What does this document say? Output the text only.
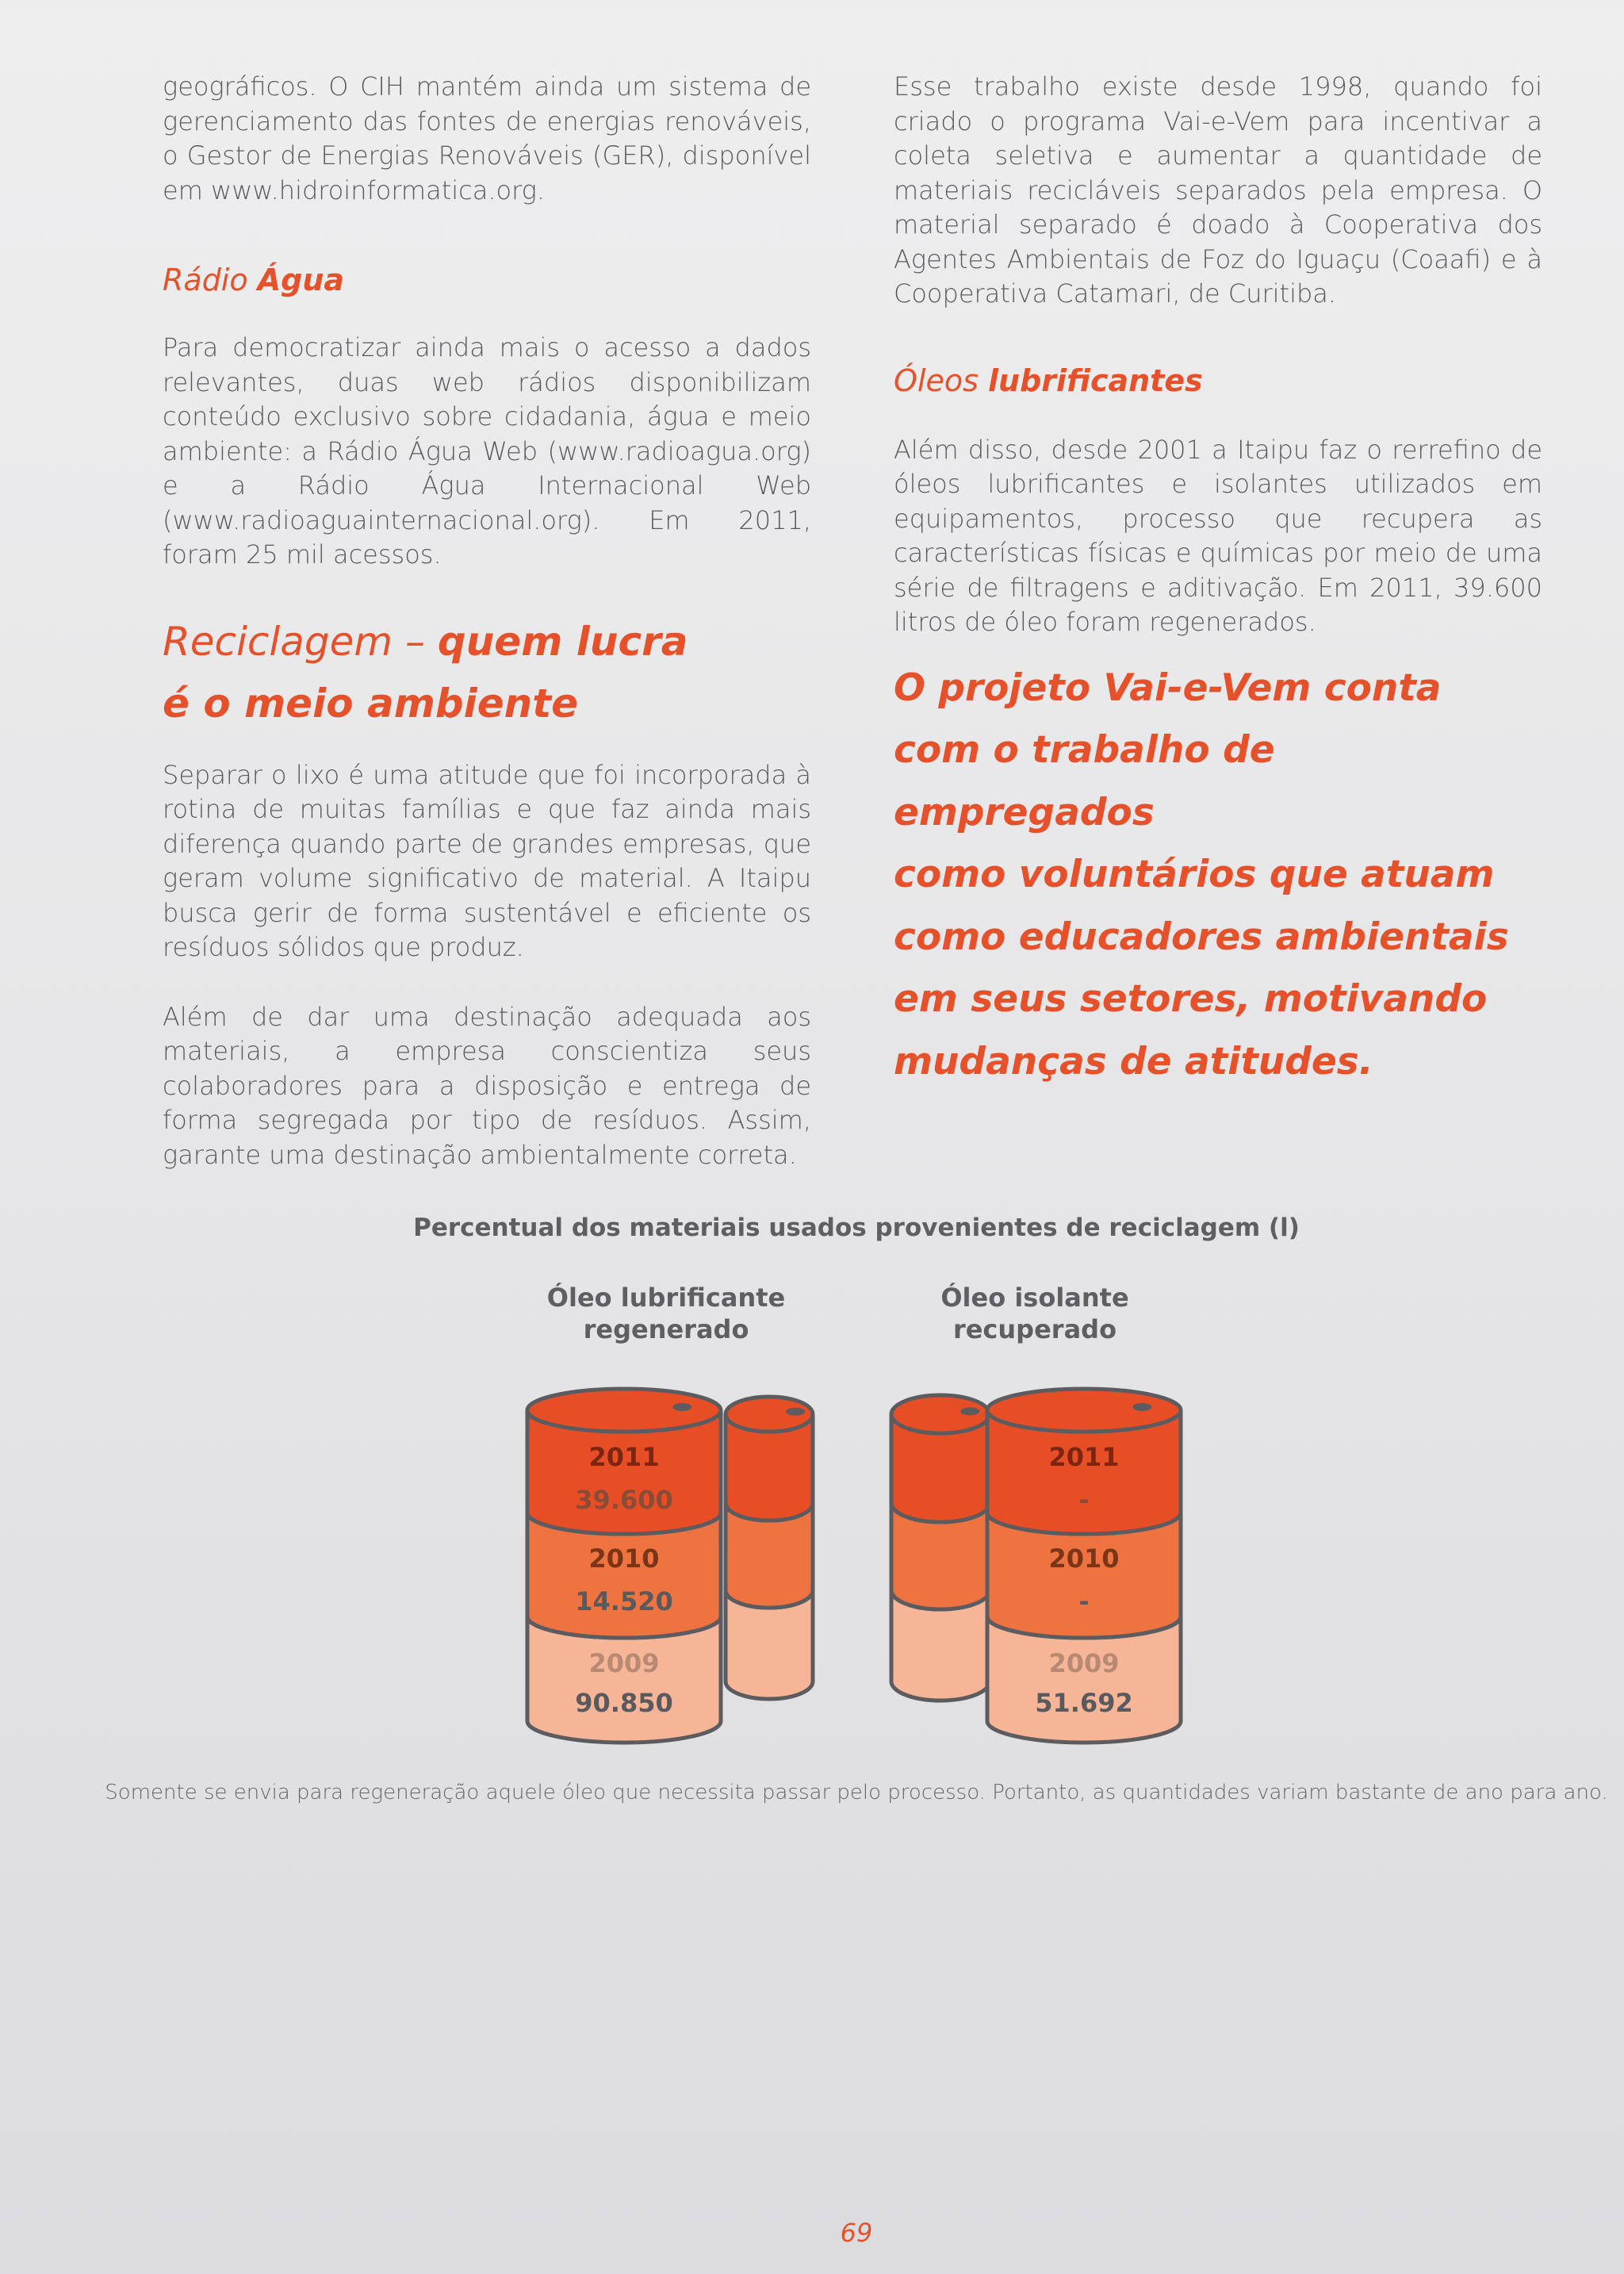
geográficos. O CIH mantém ainda um sistema de gerenciamento das fontes de energias renováveis, o Gestor de Energias Renováveis (GER), disponível em www.hidroinformatica.org.

Rádio Água

Para democratizar ainda mais o acesso a dados relevantes, duas web rádios disponibilizam conteúdo exclusivo sobre cidadania, água e meio ambiente: a Rádio Água Web (www.radioagua.org) e a Rádio Água Internacional Web (www.radioaguainternacional.org). Em 2011, foram 25 mil acessos.

Reciclagem – quem lucra
é o meio ambiente

Separar o lixo é uma atitude que foi incorporada à rotina de muitas famílias e que faz ainda mais diferença quando parte de grandes empresas, que geram volume significativo de material. A Itaipu busca gerir de forma sustentável e eficiente os resíduos sólidos que produz.

Além de dar uma destinação adequada aos materiais, a empresa conscientiza seus colaboradores para a disposição e entrega de forma segregada por tipo de resíduos. Assim, garante uma destinação ambientalmente correta.

Esse trabalho existe desde 1998, quando foi criado o programa Vai-e-Vem para incentivar a coleta seletiva e aumentar a quantidade de materiais recicláveis separados pela empresa. O material separado é doado à Cooperativa dos Agentes Ambientais de Foz do Iguaçu (Coaafi) e à Cooperativa Catamari, de Curitiba.

Óleos lubrificantes

Além disso, desde 2001 a Itaipu faz o rerrefino de óleos lubrificantes e isolantes utilizados em equipamentos, processo que recupera as características físicas e químicas por meio de uma série de filtragens e aditivação. Em 2011, 39.600 litros de óleo foram regenerados.

O projeto Vai-e-Vem conta
com o trabalho de empregados
como voluntários que atuam
como educadores ambientais
em seus setores, motivando
mudanças de atitudes.
Percentual dos materiais usados provenientes de reciclagem (l)
Óleo lubrificante
regenerado
Óleo isolante
recuperado
2011
39.600
2010
14.520
2009
90.850
2011
-
2010
-
2009
51.692
Somente se envia para regeneração aquele óleo que necessita passar pelo processo. Portanto, as quantidades variam bastante de ano para ano.
69
